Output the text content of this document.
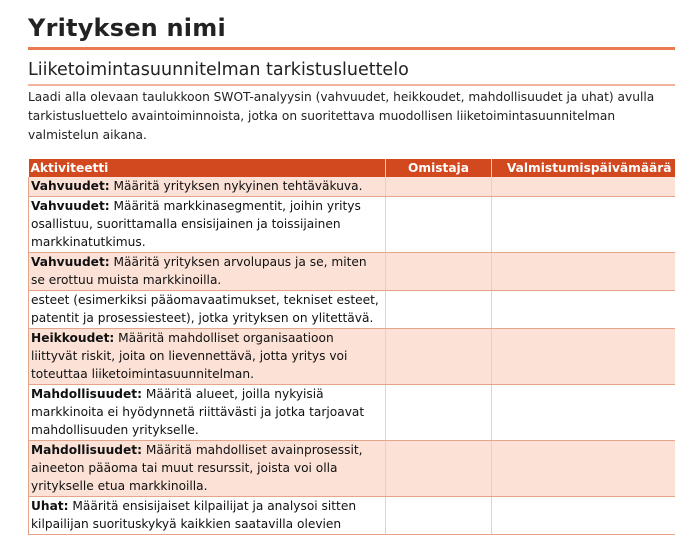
Yrityksen nimi
Liiketoimintasuunnitelman tarkistusluettelo
Laadi alla olevaan taulukkoon SWOT-analyysin (vahvuudet, heikkoudet, mahdollisuudet ja uhat) avulla tarkistusluettelo avaintoiminnoista, jotka on suoritettava muodollisen liiketoimintasuunnitelman valmistelun aikana.
Aktiviteetti	Omistaja	Valmistumispäivämäärä
Vahvuudet: Määritä yrityksen nykyinen tehtäväkuva.		
Vahvuudet: Määritä markkinasegmentit, joihin yritys osallistuu, suorittamalla ensisijainen ja toissijainen markkinatutkimus.		
Vahvuudet: Määritä yrityksen arvolupaus ja se, miten se erottuu muista markkinoilla.		
esteet (esimerkiksi pääomavaatimukset, tekniset esteet, patentit ja prosessiesteet), jotka yrityksen on ylitettävä.		
Heikkoudet: Määritä mahdolliset organisaatioon liittyvät riskit, joita on lievennettävä, jotta yritys voi toteuttaa liiketoimintasuunnitelman.		
Mahdollisuudet: Määritä alueet, joilla nykyisiä markkinoita ei hyödynnetä riittävästi ja jotka tarjoavat mahdollisuuden yritykselle.		
Mahdollisuudet: Määritä mahdolliset avainprosessit, aineeton pääoma tai muut resurssit, joista voi olla yritykselle etua markkinoilla.		
Uhat: Määritä ensisijaiset kilpailijat ja analysoi sitten kilpailijan suorituskykyä kaikkien saatavilla olevien		
